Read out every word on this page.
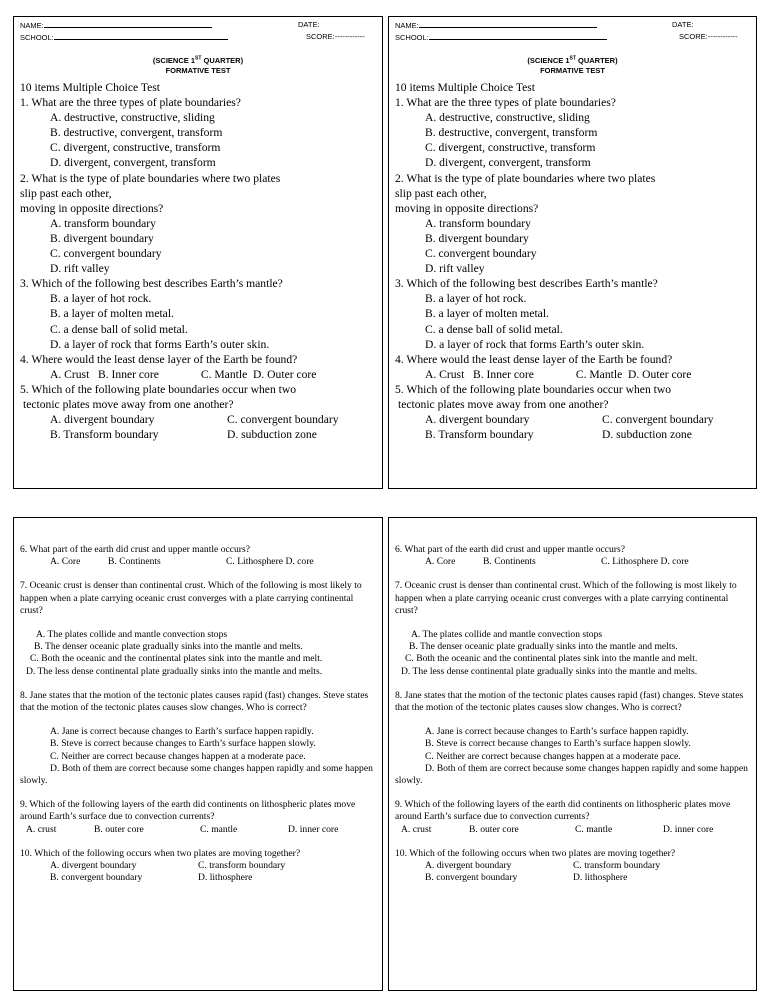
NAME:
SCHOOL:
DATE:
SCORE:------------
(SCIENCE 1ST QUARTER)
FORMATIVE TEST
10 items Multiple Choice Test
1. What are the three types of plate boundaries?
A. destructive, constructive, sliding
B. destructive, convergent, transform
C. divergent, constructive, transform
D. divergent, convergent, transform
2. What is the type of plate boundaries where two plates
slip past each other,
moving in opposite directions?
A. transform boundary
B. divergent boundary
C. convergent boundary
D. rift valley
3. Which of the following best describes Earth’s mantle?
B. a layer of hot rock.
B. a layer of molten metal.
C. a dense ball of solid metal.
D. a layer of rock that forms Earth’s outer skin.
4. Where would the least dense layer of the Earth be found?
A. Crust B. Inner core	C. Mantle D. Outer core
5. Which of the following plate boundaries occur when two
tectonic plates move away from one another?
A. divergent boundary	C. convergent boundary
B. Transform boundary	D. subduction zone
NAME:
SCHOOL:
DATE:
SCORE:------------
(SCIENCE 1ST QUARTER)
FORMATIVE TEST
10 items Multiple Choice Test
1. What are the three types of plate boundaries?
A. destructive, constructive, sliding
B. destructive, convergent, transform
C. divergent, constructive, transform
D. divergent, convergent, transform
2. What is the type of plate boundaries where two plates
slip past each other,
moving in opposite directions?
A. transform boundary
B. divergent boundary
C. convergent boundary
D. rift valley
3. Which of the following best describes Earth’s mantle?
B. a layer of hot rock.
B. a layer of molten metal.
C. a dense ball of solid metal.
D. a layer of rock that forms Earth’s outer skin.
4. Where would the least dense layer of the Earth be found?
A. Crust B. Inner core	C. Mantle D. Outer core
5. Which of the following plate boundaries occur when two
tectonic plates move away from one another?
A. divergent boundary	C. convergent boundary
B. Transform boundary	D. subduction zone
6. What part of the earth did crust and upper mantle occurs?
A. Core	B. Continents	C. Lithosphere
D. core
7. Oceanic crust is denser than continental crust. Which of the following is most likely to happen when a plate carrying oceanic crust converges with a plate carrying continental crust?
A. The plates collide and mantle convection stops
B. The denser oceanic plate gradually sinks into the mantle and melts.
C. Both the oceanic and the continental plates sink into the mantle and melt.
D. The less dense continental plate gradually sinks into the mantle and melts.
8. Jane states that the motion of the tectonic plates causes rapid (fast) changes. Steve states that the motion of the tectonic plates causes slow changes. Who is correct?
A. Jane is correct because changes to Earth’s surface happen rapidly.
B. Steve is correct because changes to Earth’s surface happen slowly.
C. Neither are correct because changes happen at a moderate pace.
D. Both of them are correct because some changes happen rapidly and some happen slowly.
9. Which of the following layers of the earth did continents on lithospheric plates move around Earth’s surface due to convection currents?
A. crust	B. outer core	C. mantle	D. inner core
10. Which of the following occurs when two plates are moving together?
A. divergent boundary	C. transform boundary
B. convergent boundary	D. lithosphere
6. What part of the earth did crust and upper mantle occurs?
A. Core	B. Continents	C. Lithosphere
D. core
7. Oceanic crust is denser than continental crust. Which of the following is most likely to happen when a plate carrying oceanic crust converges with a plate carrying continental crust?
A. The plates collide and mantle convection stops
B. The denser oceanic plate gradually sinks into the mantle and melts.
C. Both the oceanic and the continental plates sink into the mantle and melt.
D. The less dense continental plate gradually sinks into the mantle and melts.
8. Jane states that the motion of the tectonic plates causes rapid (fast) changes. Steve states that the motion of the tectonic plates causes slow changes. Who is correct?
A. Jane is correct because changes to Earth’s surface happen rapidly.
B. Steve is correct because changes to Earth’s surface happen slowly.
C. Neither are correct because changes happen at a moderate pace.
D. Both of them are correct because some changes happen rapidly and some happen slowly.
9. Which of the following layers of the earth did continents on lithospheric plates move around Earth’s surface due to convection currents?
A. crust	B. outer core	C. mantle	D. inner core
10. Which of the following occurs when two plates are moving together?
A. divergent boundary	C. transform boundary
B. convergent boundary	D. lithosphere
